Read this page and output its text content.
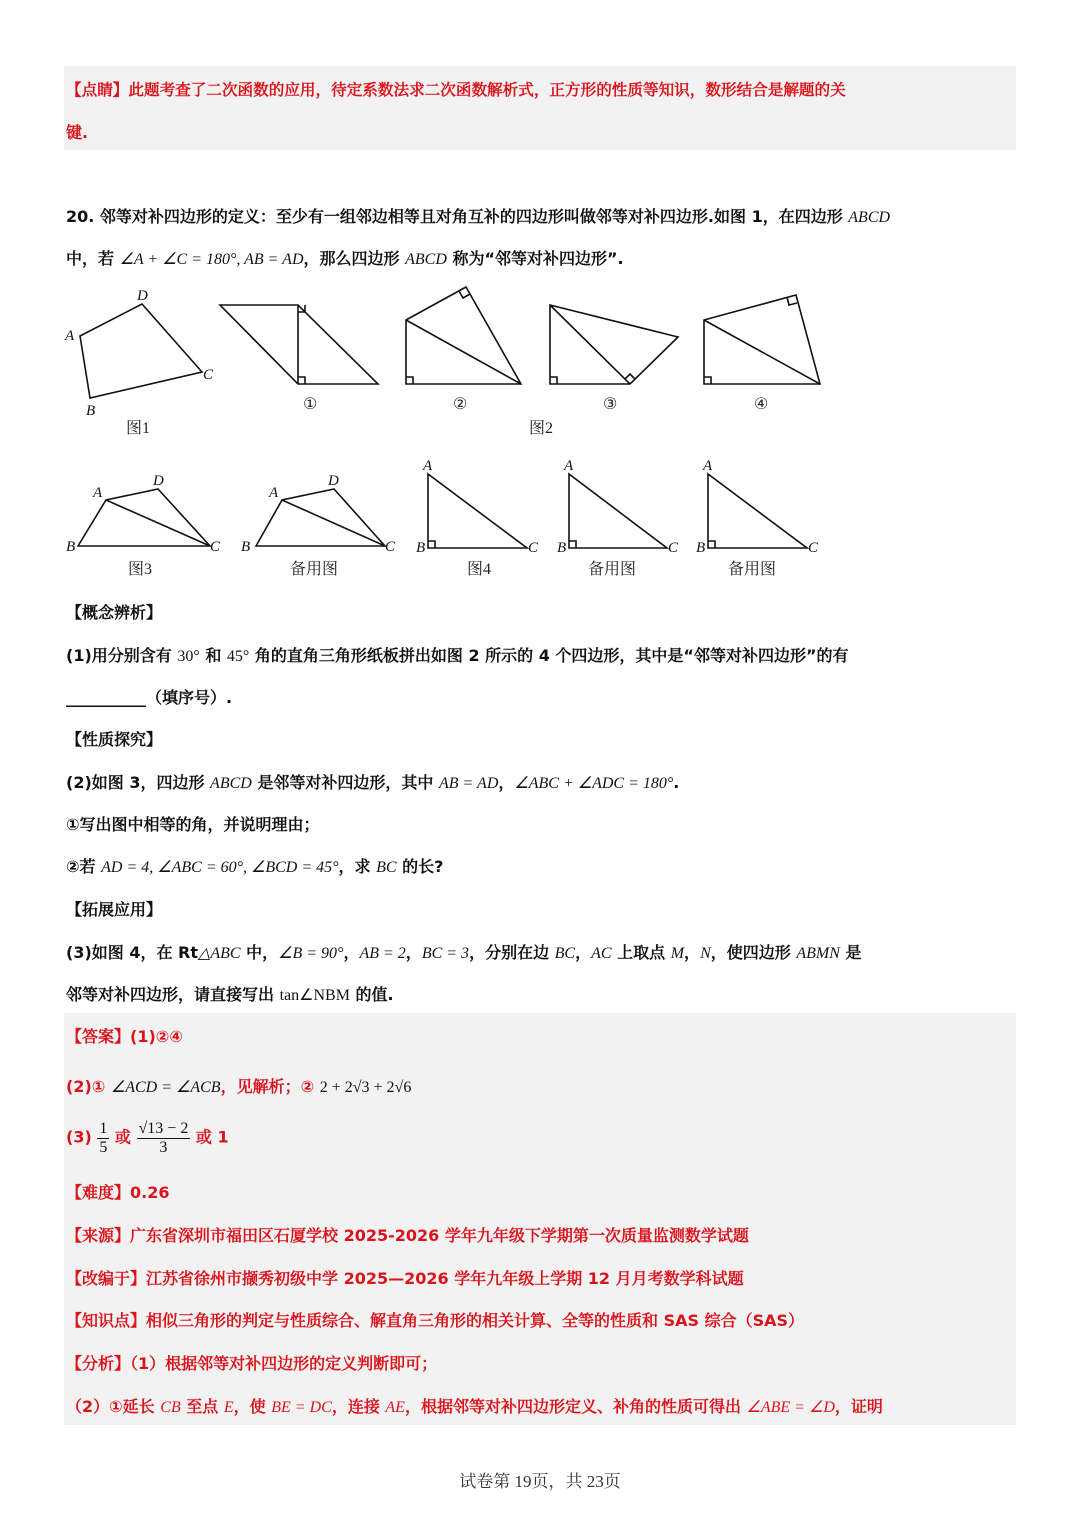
【点睛】此题考查了二次函数的应用，待定系数法求二次函数解析式，正方形的性质等知识，数形结合是解题的关
键.
20. 邻等对补四边形的定义：至少有一组邻边相等且对角互补的四边形叫做邻等对补四边形.如图 1，在四边形 ABCD
中，若 ∠A + ∠C = 180°, AB = AD，那么四边形 ABCD 称为“邻等对补四边形”.
A
D
C
B
A
D
B	C
A
D
B	C
A
B	C
A
B	C
A
B	C
①	②	③	④
图1	图2
图3	备用图	图4	备用图	备用图
【概念辨析】
(1)用分别含有 30° 和 45° 角的直角三角形纸板拼出如图 2 所示的 4 个四边形，其中是“邻等对补四边形”的有
__________（填序号）.
【性质探究】
(2)如图 3，四边形 ABCD 是邻等对补四边形，其中 AB = AD，∠ABC + ∠ADC = 180°.
①写出图中相等的角，并说明理由；
②若 AD = 4, ∠ABC = 60°, ∠BCD = 45°，求 BC 的长?
【拓展应用】
(3)如图 4，在 Rt△ABC 中，∠B = 90°，AB = 2，BC = 3，分别在边 BC，AC 上取点 M，N，使四边形 ABMN 是
邻等对补四边形，请直接写出 tan∠NBM 的值.
【答案】(1)②④
(2)① ∠ACD = ∠ACB，见解析；② 2 + 2√3 + 2√6
$(3) \frac{1}{5}$ 或 $\frac{√13 - 2}{3}$ 或 1
【难度】0.26
【来源】广东省深圳市福田区石厦学校 2025-2026 学年九年级下学期第一次质量监测数学试题
【改编于】江苏省徐州市撷秀初级中学 2025—2026 学年九年级上学期 12 月月考数学科试题
【知识点】相似三角形的判定与性质综合、解直角三角形的相关计算、全等的性质和 SAS 综合（SAS）
【分析】（1）根据邻等对补四边形的定义判断即可；
（2）①延长 CB 至点 E，使 BE = DC，连接 AE，根据邻等对补四边形定义、补角的性质可得出 ∠ABE = ∠D，证明
试卷第 19页，共 23页
